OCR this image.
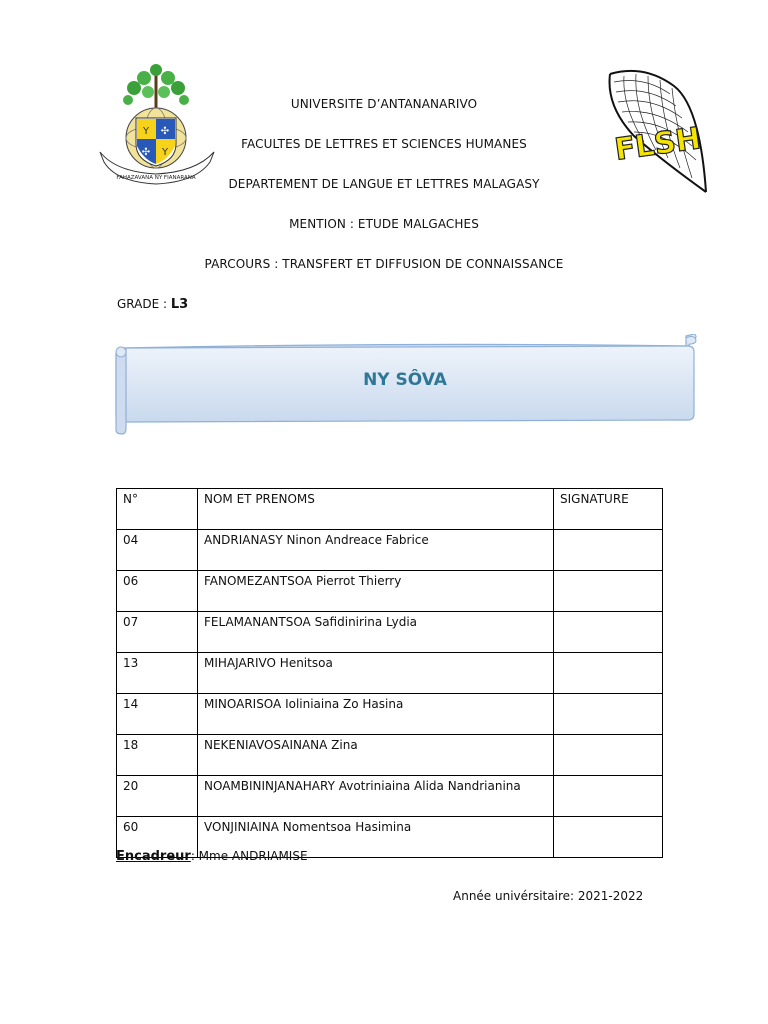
Y ✣
✣ Y
FAHAZAVANA NY FIANARANA
FLSH
UNIVERSITE D’ANTANANARIVO
FACULTES DE LETTRES ET SCIENCES HUMANES
DEPARTEMENT DE LANGUE ET LETTRES MALAGASY
MENTION : ETUDE MALGACHES
PARCOURS : TRANSFERT ET DIFFUSION DE CONNAISSANCE
GRADE : L3
NY SÔVA
N°	NOM ET PRENOMS	SIGNATURE
04	ANDRIANASY Ninon Andreace Fabrice	
06	FANOMEZANTSOA Pierrot Thierry	
07	FELAMANANTSOA Safidinirina Lydia	
13	MIHAJARIVO Henitsoa	
14	MINOARISOA Ioliniaina Zo Hasina	
18	NEKENIAVOSAINANA Zina	
20	NOAMBININJANAHARY Avotriniaina Alida Nandrianina	
60	VONJINIAINA Nomentsoa Hasimina	
Encadreur: Mme ANDRIAMISE
Année univérsitaire: 2021-2022
